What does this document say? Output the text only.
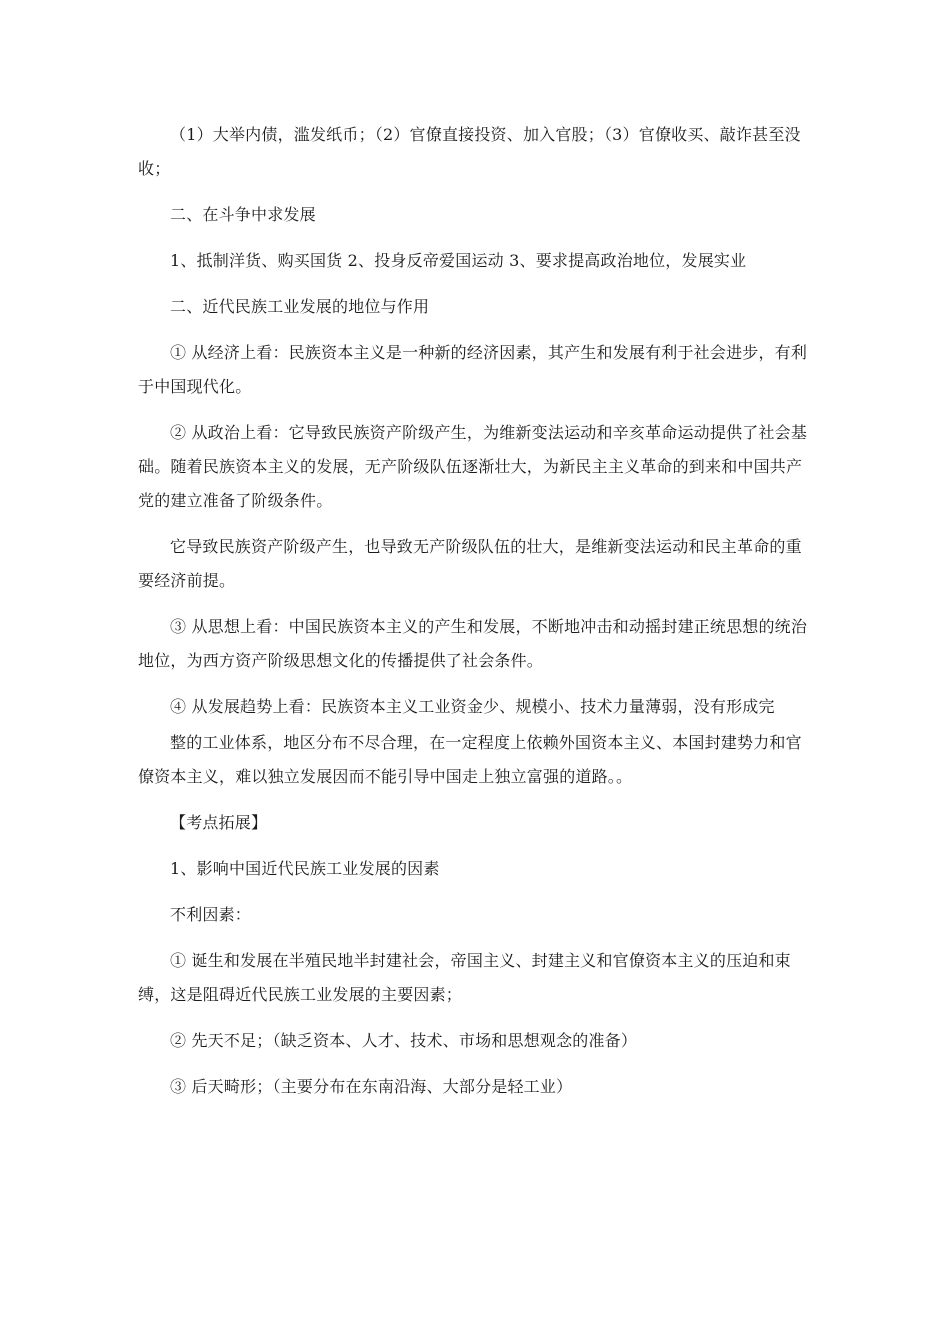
（1）大举内债，滥发纸币；（2）官僚直接投资、加入官股；（3）官僚收买、敲诈甚至没收；

二、在斗争中求发展

1、抵制洋货、购买国货 2、投身反帝爱国运动 3、要求提高政治地位，发展实业

二、近代民族工业发展的地位与作用

① 从经济上看：民族资本主义是一种新的经济因素，其产生和发展有利于社会进步，有利于中国现代化。

② 从政治上看：它导致民族资产阶级产生，为维新变法运动和辛亥革命运动提供了社会基础。随着民族资本主义的发展，无产阶级队伍逐渐壮大，为新民主主义革命的到来和中国共产党的建立准备了阶级条件。

它导致民族资产阶级产生，也导致无产阶级队伍的壮大，是维新变法运动和民主革命的重要经济前提。

③ 从思想上看：中国民族资本主义的产生和发展，不断地冲击和动摇封建正统思想的统治地位，为西方资产阶级思想文化的传播提供了社会条件。

④ 从发展趋势上看：民族资本主义工业资金少、规模小、技术力量薄弱，没有形成完

整的工业体系，地区分布不尽合理，在一定程度上依赖外国资本主义、本国封建势力和官僚资本主义，难以独立发展因而不能引导中国走上独立富强的道路。。

【考点拓展】

1、影响中国近代民族工业发展的因素

不利因素：

① 诞生和发展在半殖民地半封建社会，帝国主义、封建主义和官僚资本主义的压迫和束缚，这是阻碍近代民族工业发展的主要因素；

② 先天不足；（缺乏资本、人才、技术、市场和思想观念的准备）

③ 后天畸形；（主要分布在东南沿海、大部分是轻工业）
